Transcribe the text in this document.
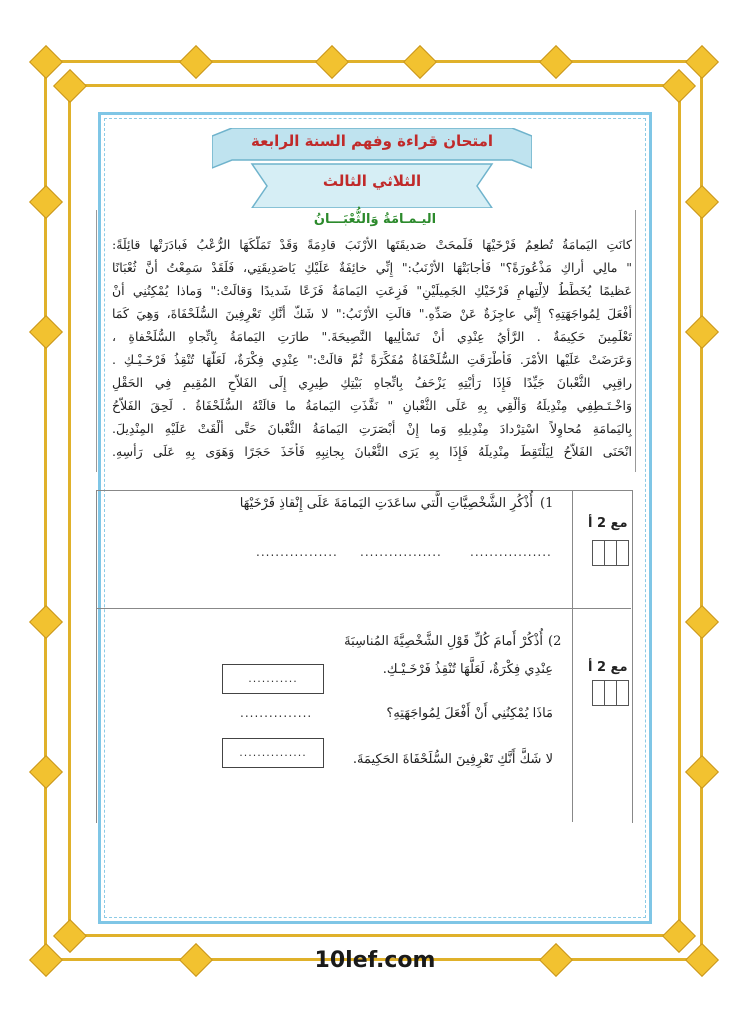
امتحان قراءة وفهم السنة الرابعة
الثلاثي الثالث
اليـمـامَةُ وَالثُّعْبَـــانُ
كانَتِ اليَمامَةُ تُطعِمُ فَرْخَيْهَا فَلَمحَتْ صَديقَتَها الأرْنَبَ قادِمَةً وَقَدْ تَمَلَّكَهَا الرُّعْبُ فَبادَرَتْها قائِلَةً:
" مالِي أَراكِ مَذْعُورَةً؟" فَأَجابَتْهَا الأرْنَبُ:" إِنِّي خائِفَةٌ عَلَيْكِ يَاصَدِيقَتِي، فَلَقَدْ سَمِعْتُ أَنَّ ثُعْبَانًا
عَظيمًا يُخَطِّطُ لاِلْتِهامِ فَرْخَيْكِ الجَمِيلَيْنِ" فَزِعَتِ اليَمامَةُ فَزَعًا شَديدًا وَقالَتْ:" وَماذا يُمْكِنُنِي أنْ
أَفْعَلَ لِمُواجَهَتِهِ؟ إِنِّي عاجِزَةٌ عَنْ صَدِّهِ." قالَتِ الأرْنَبُ:" لا شَكَّ أَنَّكِ تَعْرِفِينَ السُّلَحْفَاةَ، وَهِيَ كَمَا
تَعْلَمِينَ حَكِيمَةٌ . الرَّأْيُ عِنْدِي أَنْ تَسْأَلِيها النَّصِيحَةَ." طارَتِ اليَمامَةُ بِاتِّجاهِ السُّلَحْفاةِ ،
وَعَرَضَتْ عَلَيْها الأمْرَ. فَأَطْرَقَتِ السُّلَحْفَاةُ مُفَكِّرَةً ثُمَّ قالَتْ:" عِنْدِي فِكْرَةٌ، لَعَلَّهَا تُنْقِذُ فَرْخَـيْـكِ .
راقِبِي الثُّعْبانَ جَيِّدًا فَإِذَا رَأَيْتِهِ يَزْحَفُ بِاتِّجاهِ بَيْتِكِ طِيرِي إِلَى الفَلاَّحِ المُقِيمِ فِي الحَقْلِ
وَاخْـتَـطِفِي مِنْدِيلَهُ وَأَلْقِي بِهِ عَلَى الثُّعْبانِ " نَفَّذَتِ اليَمامَةُ ما قالَتْهُ السُّلَحْفَاةُ . لَحِقَ الفَلاَّحُ
بِاليَمامَةِ مُحاوِلاً اسْتِرْدادَ مِنْدِيلِهِ وَما إِنْ أَبْصَرَتِ اليَمامَةُ الثُّعْبانَ حَتَّى أَلْقَتْ عَلَيْهِ المِنْدِيلَ.
انْحَنَى الفَلاَّحُ لِيَلْتَقِطَ مِنْدِيلَهُ فَإِذَا بِهِ يَرَى الثُّعْبانَ بِجانِبِهِ فَأَخَذَ حَجَرًا وَهَوَى بِهِ عَلَى رَأْسِهِ.
1)
أُذْكُرِ الشَّخْصِيَّاتِ الَّتي ساعَدَتِ اليَمامَةَ عَلَى إِنْقاذِ فَرْخَيْهَا
.................
.................
.................
مع 2 أ
2)
أُذْكُرْ أَمامَ كُلِّ قَوْلِ الشَّخْصِيَّةَ المُناسِبَةَ
عِنْدِي فِكْرَةٌ، لَعَلَّهَا تُنْقِذُ فَرْخَـيْـكِ.
مَاذَا يُمْكِنُنِي أَنْ أَفْعَلَ لِمُواجَهَتِهِ؟
لا شَكَّ أَنَّكِ تَعْرِفِينَ السُّلَحْفَاةَ الحَكِيمَةَ.
...........
...............
...............
مع 2 أ
10lef.com
